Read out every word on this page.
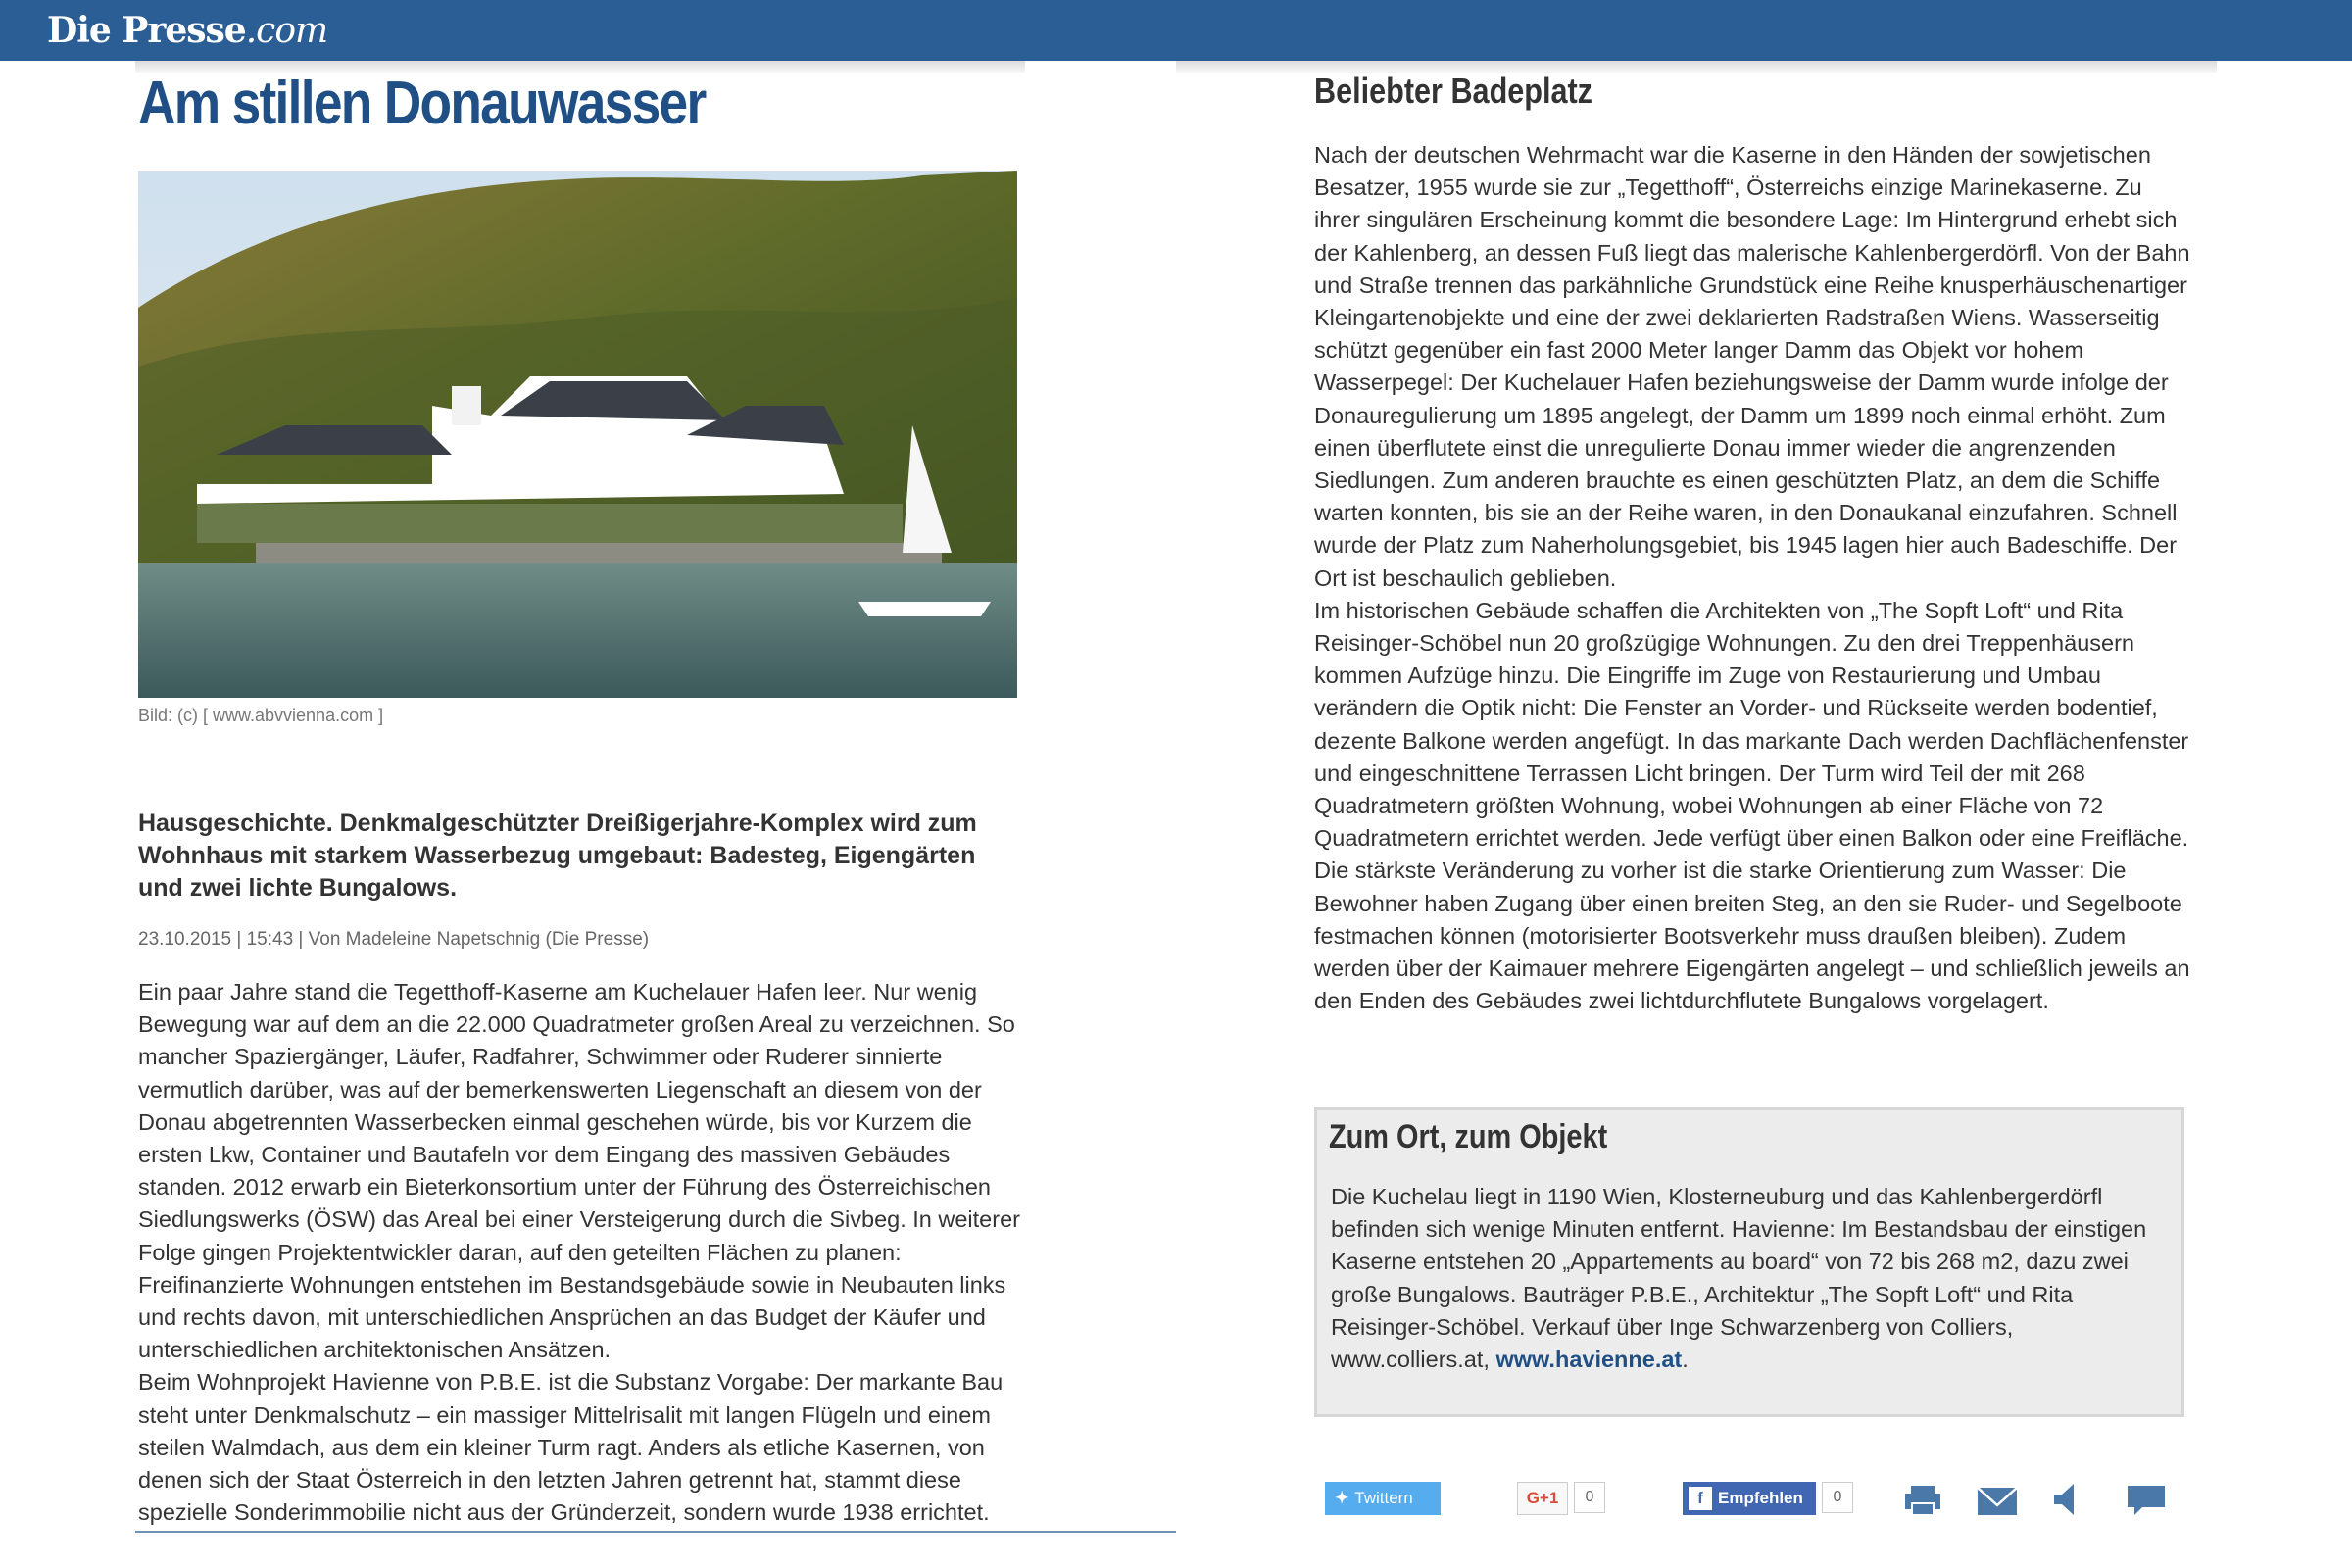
Die Presse.com
Am stillen Donauwasser
Bild: (c) [ www.abvvienna.com ]
Hausgeschichte. Denkmalgeschützter Dreißigerjahre-Komplex wird zum Wohnhaus mit starkem Wasserbezug umgebaut: Badesteg, Eigengärten und zwei lichte Bungalows.
23.10.2015 | 15:43 | Von Madeleine Napetschnig (Die Presse)
Ein paar Jahre stand die Tegetthoff-Kaserne am Kuchelauer Hafen leer. Nur wenig Bewegung war auf dem an die 22.000 Quadratmeter großen Areal zu verzeichnen. So mancher Spaziergänger, Läufer, Radfahrer, Schwimmer oder Ruderer sinnierte vermutlich darüber, was auf der bemerkenswerten Liegenschaft an diesem von der Donau abgetrennten Wasserbecken einmal geschehen würde, bis vor Kurzem die ersten Lkw, Container und Bautafeln vor dem Eingang des massiven Gebäudes standen. 2012 erwarb ein Bieterkonsortium unter der Führung des Österreichischen Siedlungswerks (ÖSW) das Areal bei einer Versteigerung durch die Sivbeg. In weiterer Folge gingen Projektentwickler daran, auf den geteilten Flächen zu planen: Freifinanzierte Wohnungen entstehen im Bestandsgebäude sowie in Neubauten links und rechts davon, mit unterschiedlichen Ansprüchen an das Budget der Käufer und unterschiedlichen architektonischen Ansätzen.
Beim Wohnprojekt Havienne von P.B.E. ist die Substanz Vorgabe: Der markante Bau steht unter Denkmalschutz – ein massiger Mittelrisalit mit langen Flügeln und einem steilen Walmdach, aus dem ein kleiner Turm ragt. Anders als etliche Kasernen, von denen sich der Staat Österreich in den letzten Jahren getrennt hat, stammt diese spezielle Sonderimmobilie nicht aus der Gründerzeit, sondern wurde 1938 errichtet.
Beliebter Badeplatz
Nach der deutschen Wehrmacht war die Kaserne in den Händen der sowjetischen Besatzer, 1955 wurde sie zur „Tegetthoff“, Österreichs einzige Marinekaserne. Zu ihrer singulären Erscheinung kommt die besondere Lage: Im Hintergrund erhebt sich der Kahlenberg, an dessen Fuß liegt das malerische Kahlenbergerdörfl. Von der Bahn und Straße trennen das parkähnliche Grundstück eine Reihe knusperhäuschenartiger Kleingartenobjekte und eine der zwei deklarierten Radstraßen Wiens. Wasserseitig schützt gegenüber ein fast 2000 Meter langer Damm das Objekt vor hohem Wasserpegel: Der Kuchelauer Hafen beziehungsweise der Damm wurde infolge der Donauregulierung um 1895 angelegt, der Damm um 1899 noch einmal erhöht. Zum einen überflutete einst die unregulierte Donau immer wieder die angrenzenden Siedlungen. Zum anderen brauchte es einen geschützten Platz, an dem die Schiffe warten konnten, bis sie an der Reihe waren, in den Donaukanal einzufahren. Schnell wurde der Platz zum Naherholungsgebiet, bis 1945 lagen hier auch Badeschiffe. Der Ort ist beschaulich geblieben.
Im historischen Gebäude schaffen die Architekten von „The Sopft Loft“ und Rita Reisinger-Schöbel nun 20 großzügige Wohnungen. Zu den drei Treppenhäusern kommen Aufzüge hinzu. Die Eingriffe im Zuge von Restaurierung und Umbau verändern die Optik nicht: Die Fenster an Vorder- und Rückseite werden bodentief, dezente Balkone werden angefügt. In das markante Dach werden Dachflächenfenster und eingeschnittene Terrassen Licht bringen. Der Turm wird Teil der mit 268 Quadratmetern größten Wohnung, wobei Wohnungen ab einer Fläche von 72 Quadratmetern errichtet werden. Jede verfügt über einen Balkon oder eine Freifläche. Die stärkste Veränderung zu vorher ist die starke Orientierung zum Wasser: Die Bewohner haben Zugang über einen breiten Steg, an den sie Ruder- und Segelboote festmachen können (motorisierter Bootsverkehr muss draußen bleiben). Zudem werden über der Kaimauer mehrere Eigengärten angelegt – und schließlich jeweils an den Enden des Gebäudes zwei lichtdurchflutete Bungalows vorgelagert.
Zum Ort, zum Objekt
Die Kuchelau liegt in 1190 Wien, Klosterneuburg und das Kahlenbergerdörfl befinden sich wenige Minuten entfernt. Havienne: Im Bestandsbau der einstigen Kaserne entstehen 20 „Appartements au board“ von 72 bis 268 m2, dazu zwei große Bungalows. Bauträger P.B.E., Architektur „The Sopft Loft“ und Rita Reisinger-Schöbel. Verkauf über Inge Schwarzenberg von Colliers, www.colliers.at, www.havienne.at.
✦ Twittern	G+1	0	f Empfehlen	0
